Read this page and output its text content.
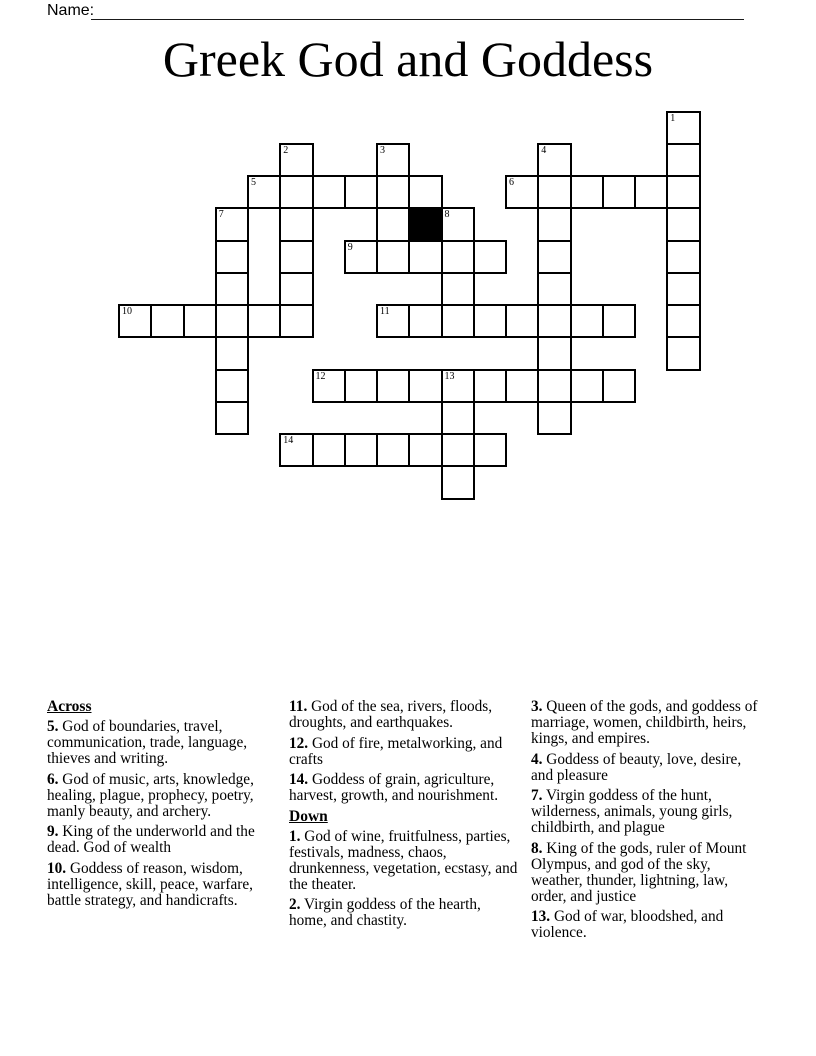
Name:
Greek God and Goddess
1
2	3	4
5	6
7	8
9
10	11
12	13
14
Across
5. God of boundaries, travel, communication, trade, language, thieves and writing.
6. God of music, arts, knowledge, healing, plague, prophecy, poetry, manly beauty, and archery.
9. King of the underworld and the dead. God of wealth
10. Goddess of reason, wisdom, intelligence, skill, peace, warfare, battle strategy, and handicrafts.
11. God of the sea, rivers, floods, droughts, and earthquakes.
12. God of fire, metalworking, and crafts
14. Goddess of grain, agriculture, harvest, growth, and nourishment.
Down
1. God of wine, fruitfulness, parties, festivals, madness, chaos, drunkenness, vegetation, ecstasy, and the theater.
2. Virgin goddess of the hearth, home, and chastity.
3. Queen of the gods, and goddess of marriage, women, childbirth, heirs, kings, and empires.
4. Goddess of beauty, love, desire, and pleasure
7. Virgin goddess of the hunt, wilderness, animals, young girls, childbirth, and plague
8. King of the gods, ruler of Mount Olympus, and god of the sky, weather, thunder, lightning, law, order, and justice
13. God of war, bloodshed, and violence.
